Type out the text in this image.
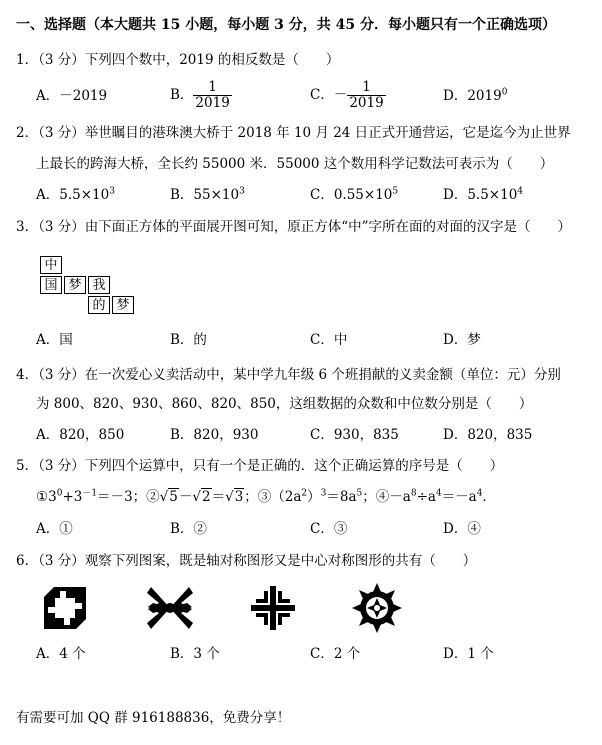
一、选择题（本大题共 15 小题，每小题 3 分，共 45 分．每小题只有一个正确选项）
1．（3 分）下列四个数中，2019 的相反数是（　　）
A．－2019	B． $\frac{1}{2019}$	C．－ $\frac{1}{2019}$	D．2019$^0$
2．（3 分）举世瞩目的港珠澳大桥于 2018 年 10 月 24 日正式开通营运，它是迄今为止世界
上最长的跨海大桥，全长约 55000 米．55000 这个数用科学记数法可表示为（　　）
A．$5.5\times 10^3$	B．$55\times 10^3$	C．$0.55\times 10^5$	D．$5.5\times 10^4$
3．（3 分）由下面正方体的平面展开图可知，原正方体“中”字所在面的对面的汉字是（　　）
中
国 梦 我
的 梦
A．国	B．的	C．中	D．梦
4．（3 分）在一次爱心义卖活动中，某中学九年级 6 个班捐献的义卖金额（单位：元）分别
为 800、820、930、860、820、850，这组数据的众数和中位数分别是（　　）
A．820，850	B．820，930	C．930，835	D．820，835
5．（3 分）下列四个运算中，只有一个是正确的．这个正确运算的序号是（　　）
$①3^0+3^{-1}=-3$；②√5－√2＝√3；$③(2a^2)^3=8a^5$；$④-a^8\div a^4=-a^4$．
A．①	B．②	C．③	D．④
6．（3 分）观察下列图案，既是轴对称图形又是中心对称图形的共有（　　）
A．4 个	B．3 个	C．2 个	D．1 个
有需要可加 QQ 群 916188836，免费分享！
